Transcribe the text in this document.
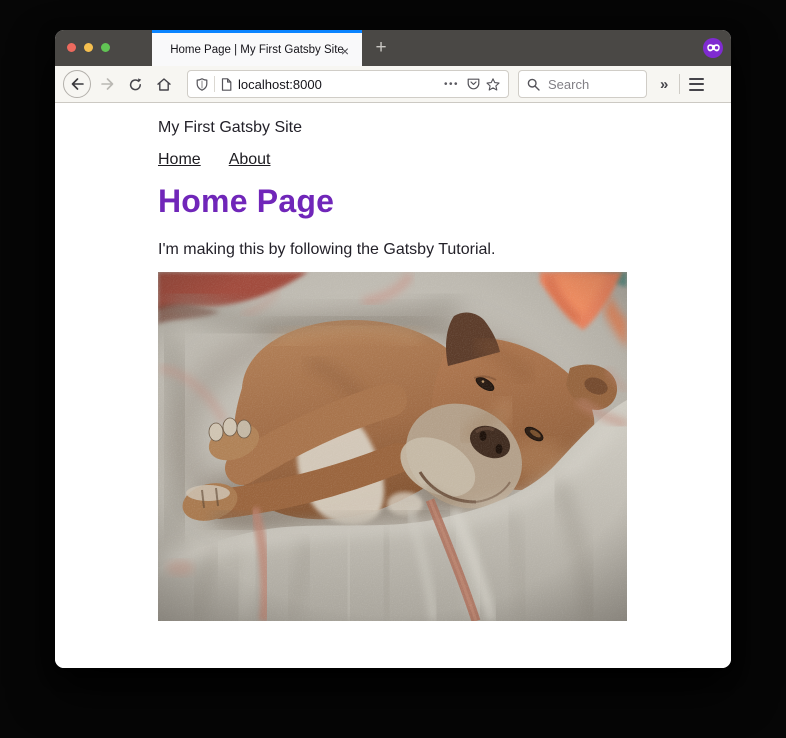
Home Page | My First Gatsby Site
×	+
localhost:8000	•••
Search	»

My First Gatsby Site

Home About
Home Page

I'm making this by following the Gatsby Tutorial.
